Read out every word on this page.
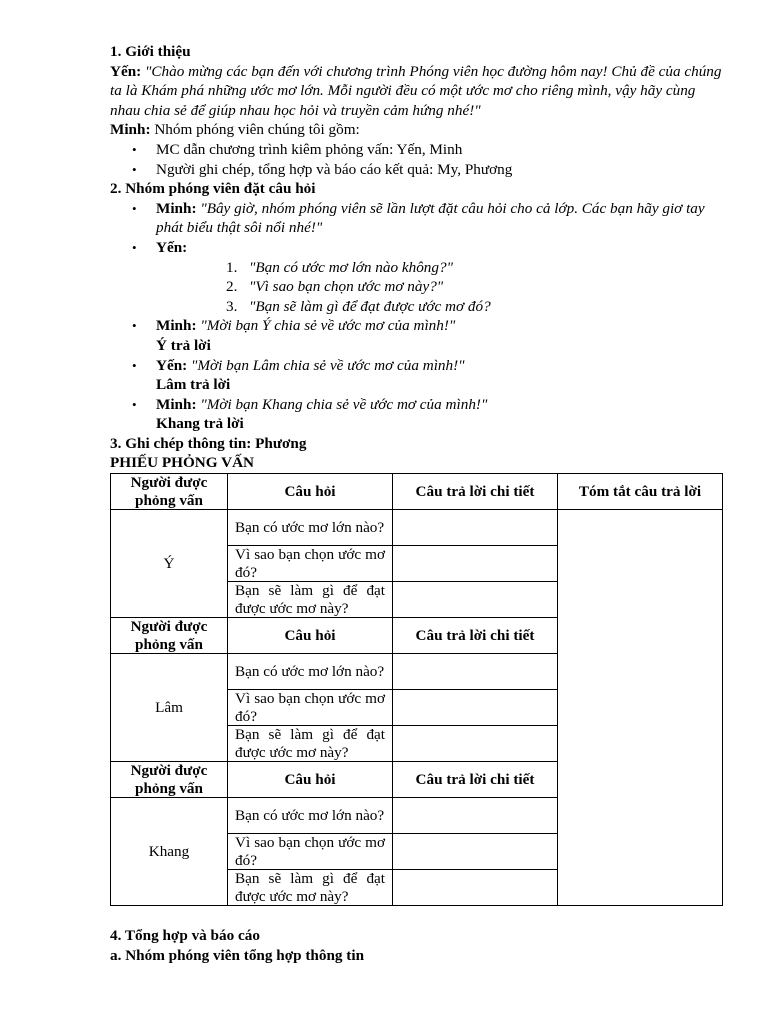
1. Giới thiệu

Yến: "Chào mừng các bạn đến với chương trình Phóng viên học đường hôm nay! Chủ đề của chúng ta là Khám phá những ước mơ lớn. Mỗi người đều có một ước mơ cho riêng mình, vậy hãy cùng nhau chia sẻ để giúp nhau học hỏi và truyền cảm hứng nhé!"

Minh: Nhóm phóng viên chúng tôi gồm:

• MC dẫn chương trình kiêm phỏng vấn: Yến, Minh
• Người ghi chép, tổng hợp và báo cáo kết quả: My, Phương

2. Nhóm phóng viên đặt câu hỏi

• Minh: "Bây giờ, nhóm phóng viên sẽ lần lượt đặt câu hỏi cho cả lớp. Các bạn hãy giơ tay phát biểu thật sôi nổi nhé!"
• Yến:
1. "Bạn có ước mơ lớn nào không?"
2. "Vì sao bạn chọn ước mơ này?"
3. "Bạn sẽ làm gì để đạt được ước mơ đó?
• Minh: "Mời bạn Ý chia sẻ về ước mơ của mình!"
Ý trả lời
• Yến: "Mời bạn Lâm chia sẻ về ước mơ của mình!"
Lâm trả lời
• Minh: "Mời bạn Khang chia sẻ về ước mơ của mình!"
Khang trả lời

3. Ghi chép thông tin: Phương

PHIẾU PHỎNG VẤN

Người được phỏng vấn	Câu hỏi	Câu trả lời chi tiết	Tóm tắt câu trả lời
Ý	Bạn có ước mơ lớn nào?		
	Vì sao bạn chọn ước mơ đó?		
	Bạn sẽ làm gì để đạt được ước mơ này?		
Người được phỏng vấn	Câu hỏi	Câu trả lời chi tiết	
Lâm	Bạn có ước mơ lớn nào?		
	Vì sao bạn chọn ước mơ đó?		
	Bạn sẽ làm gì để đạt được ước mơ này?		
Người được phỏng vấn	Câu hỏi	Câu trả lời chi tiết	
Khang	Bạn có ước mơ lớn nào?		
	Vì sao bạn chọn ước mơ đó?		
	Bạn sẽ làm gì để đạt được ước mơ này?		

4. Tổng hợp và báo cáo

a. Nhóm phóng viên tổng hợp thông tin
